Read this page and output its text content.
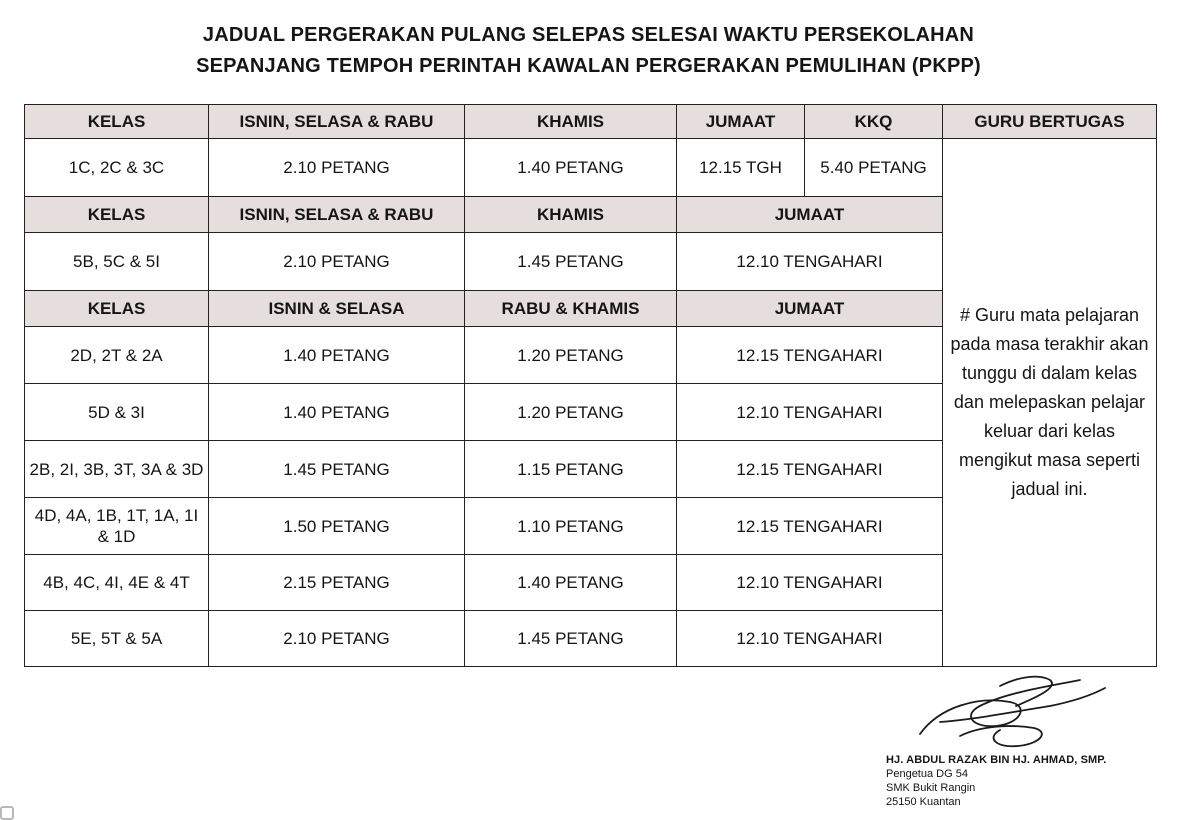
JADUAL PERGERAKAN PULANG SELEPAS SELESAI WAKTU PERSEKOLAHAN
SEPANJANG TEMPOH PERINTAH KAWALAN PERGERAKAN PEMULIHAN (PKPP)
KELAS	ISNIN, SELASA & RABU	KHAMIS	JUMAAT	KKQ	GURU BERTUGAS
1C, 2C & 3C	2.10 PETANG	1.40 PETANG	12.15 TGH	5.40 PETANG	# Guru mata pelajaran pada masa terakhir akan tunggu di dalam kelas dan melepaskan pelajar keluar dari kelas mengikut masa seperti jadual ini.
KELAS	ISNIN, SELASA & RABU	KHAMIS	JUMAAT		
5B, 5C & 5I	2.10 PETANG	1.45 PETANG	12.10 TENGAHARI		
KELAS	ISNIN & SELASA	RABU & KHAMIS	JUMAAT		
2D, 2T & 2A	1.40 PETANG	1.20 PETANG	12.15 TENGAHARI		
5D & 3I	1.40 PETANG	1.20 PETANG	12.10 TENGAHARI		
2B, 2I, 3B, 3T, 3A & 3D	1.45 PETANG	1.15 PETANG	12.15 TENGAHARI		
4D, 4A, 1B, 1T, 1A, 1I & 1D	1.50 PETANG	1.10 PETANG	12.15 TENGAHARI		
4B, 4C, 4I, 4E & 4T	2.15 PETANG	1.40 PETANG	12.10 TENGAHARI		
5E, 5T & 5A	2.10 PETANG	1.45 PETANG	12.10 TENGAHARI		
HJ. ABDUL RAZAK BIN HJ. AHMAD, SMP.
Pengetua DG 54
SMK Bukit Rangin
25150 Kuantan
